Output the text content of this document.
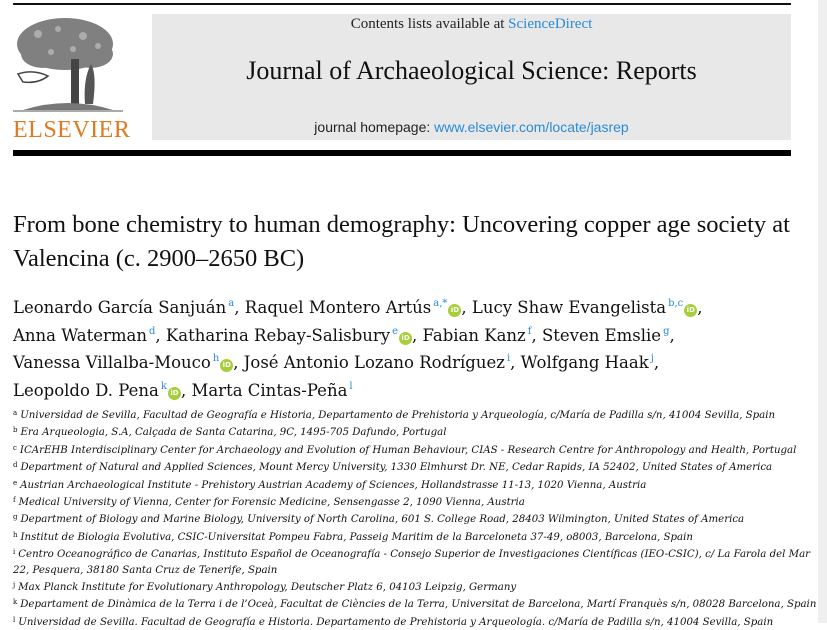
ELSEVIER
Contents lists available at ScienceDirect
Journal of Archaeological Science: Reports
journal homepage: www.elsevier.com/locate/jasrep
From bone chemistry to human demography: Uncovering copper age society at Valencina (c. 2900–2650 BC)
Leonardo García Sanjuán $^a$, Raquel Montero Artús $^{a,*}$iD , Lucy Shaw Evangelista $^{b,c}$iD ,
Anna Waterman $^d$, Katharina Rebay-Salisbury $^e$iD , Fabian Kanz $^f$, Steven Emslie $^g$,
Vanessa Villalba-Mouco $^h$iD , José Antonio Lozano Rodríguez $^i$, Wolfgang Haak $^j$,
Leopoldo D. Pena $^k$iD , Marta Cintas-Peña $^l$
$^a$ Universidad de Sevilla, Facultad de Geografía e Historia, Departamento de Prehistoria y Arqueología, c/María de Padilla s/n, 41004 Sevilla, Spain
$^b$ Era Arqueologia, S.A, Calçada de Santa Catarina, 9C, 1495-705 Dafundo, Portugal
$^c$ ICArEHB Interdisciplinary Center for Archaeology and Evolution of Human Behaviour, CIAS - Research Centre for Anthropology and Health, Portugal
$^d$ Department of Natural and Applied Sciences, Mount Mercy University, 1330 Elmhurst Dr. NE, Cedar Rapids, IA 52402, United States of America
$^e$ Austrian Archaeological Institute - Prehistory Austrian Academy of Sciences, Hollandstrasse 11-13, 1020 Vienna, Austria
$^f$ Medical University of Vienna, Center for Forensic Medicine, Sensengasse 2, 1090 Vienna, Austria
$^g$ Department of Biology and Marine Biology, University of North Carolina, 601 S. College Road, 28403 Wilmington, United States of America
$^h$ Institut de Biologia Evolutiva, CSIC-Universitat Pompeu Fabra, Passeig Maritim de la Barceloneta 37-49, o8003, Barcelona, Spain
$^i$ Centro Oceanográfico de Canarias, Instituto Español de Oceanografía - Consejo Superior de Investigaciones Científicas (IEO-CSIC), c/ La Farola del Mar 22, Pesquera, 38180 Santa Cruz de Tenerife, Spain
$^j$ Max Planck Institute for Evolutionary Anthropology, Deutscher Platz 6, 04103 Leipzig, Germany
$^k$ Departament de Dinàmica de la Terra i de l’Oceà, Facultat de Ciències de la Terra, Universitat de Barcelona, Martí Franquès s/n, 08028 Barcelona, Spain
$^l$ Universidad de Sevilla. Facultad de Geografía e Historia. Departamento de Prehistoria y Arqueología. c/María de Padilla s/n, 41004 Sevilla, Spain
